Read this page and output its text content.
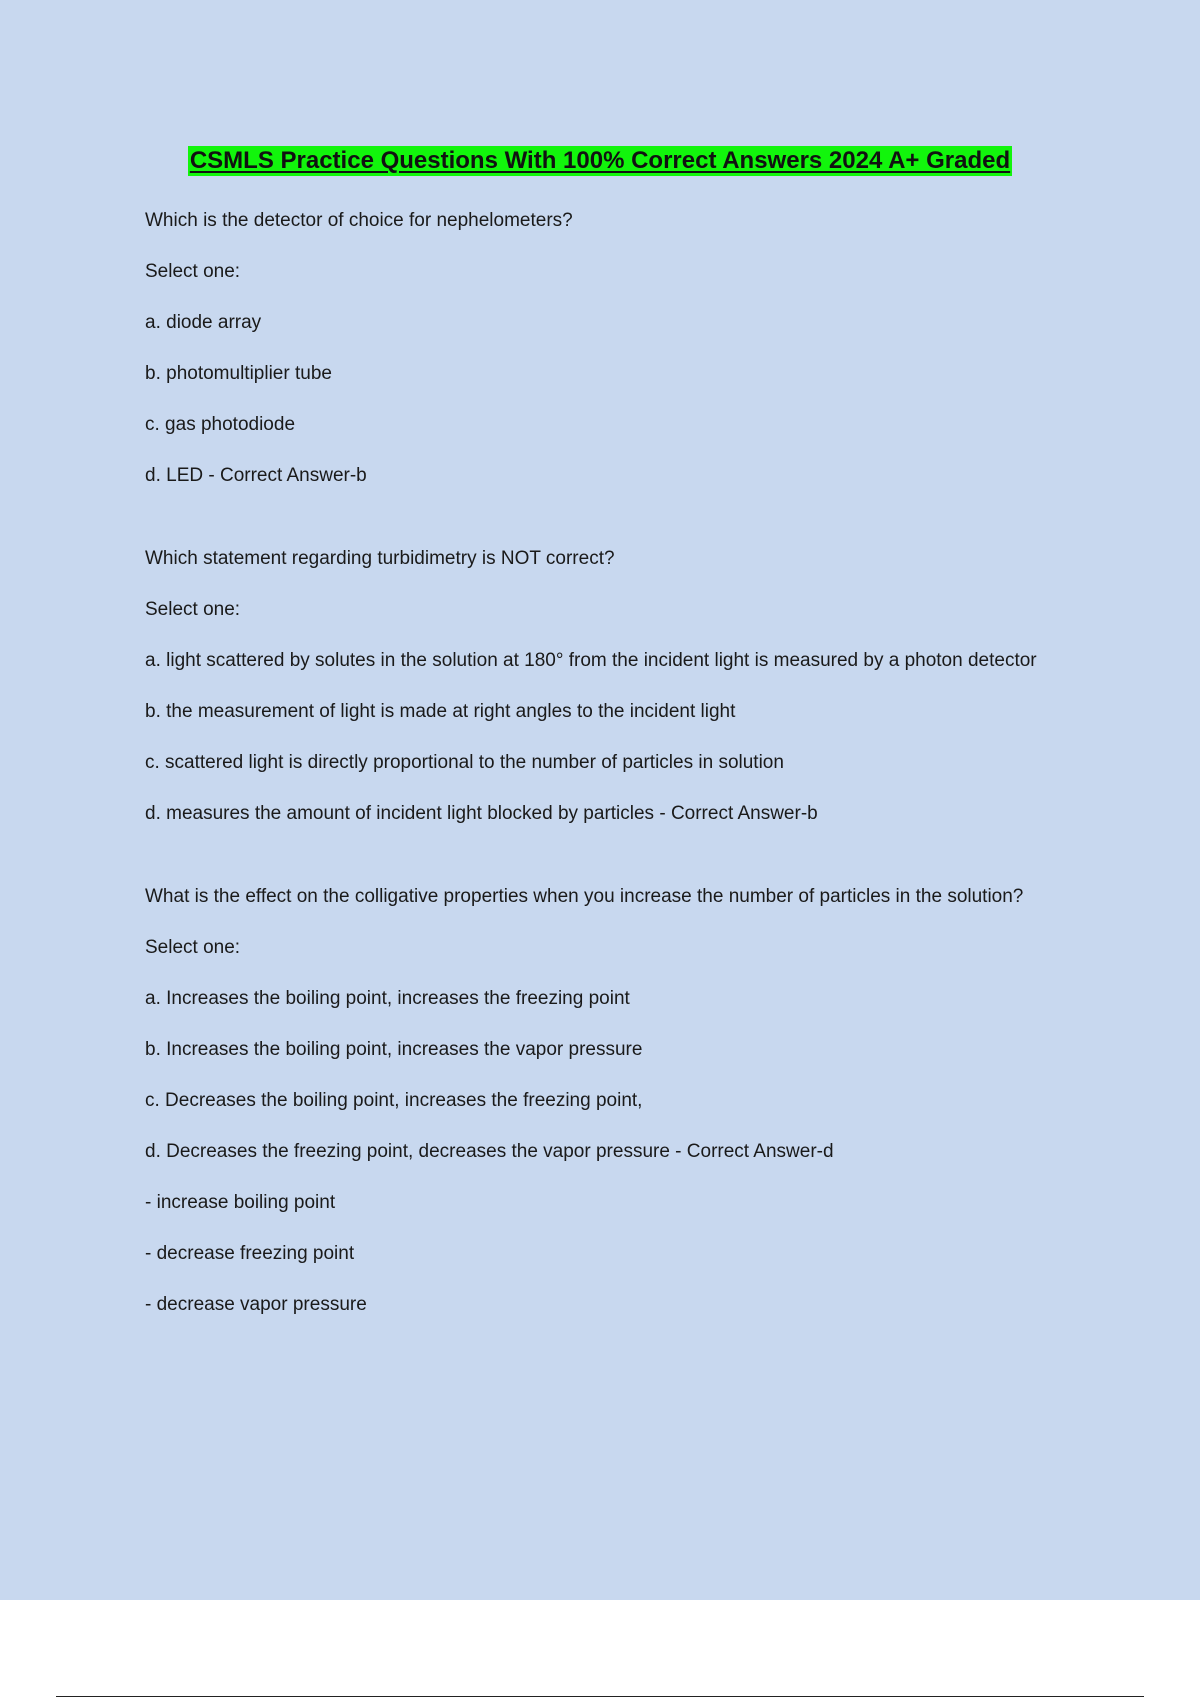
CSMLS Practice Questions With 100% Correct Answers 2024 A+ Graded

Which is the detector of choice for nephelometers?

Select one:

a. diode array

b. photomultiplier tube

c. gas photodiode

d. LED - Correct Answer-b

Which statement regarding turbidimetry is NOT correct?

Select one:

a. light scattered by solutes in the solution at 180° from the incident light is measured by a photon detector

b. the measurement of light is made at right angles to the incident light

c. scattered light is directly proportional to the number of particles in solution

d. measures the amount of incident light blocked by particles - Correct Answer-b

What is the effect on the colligative properties when you increase the number of particles in the solution?

Select one:

a. Increases the boiling point, increases the freezing point

b. Increases the boiling point, increases the vapor pressure

c. Decreases the boiling point, increases the freezing point,

d. Decreases the freezing point, decreases the vapor pressure - Correct Answer-d

- increase boiling point

- decrease freezing point

- decrease vapor pressure
